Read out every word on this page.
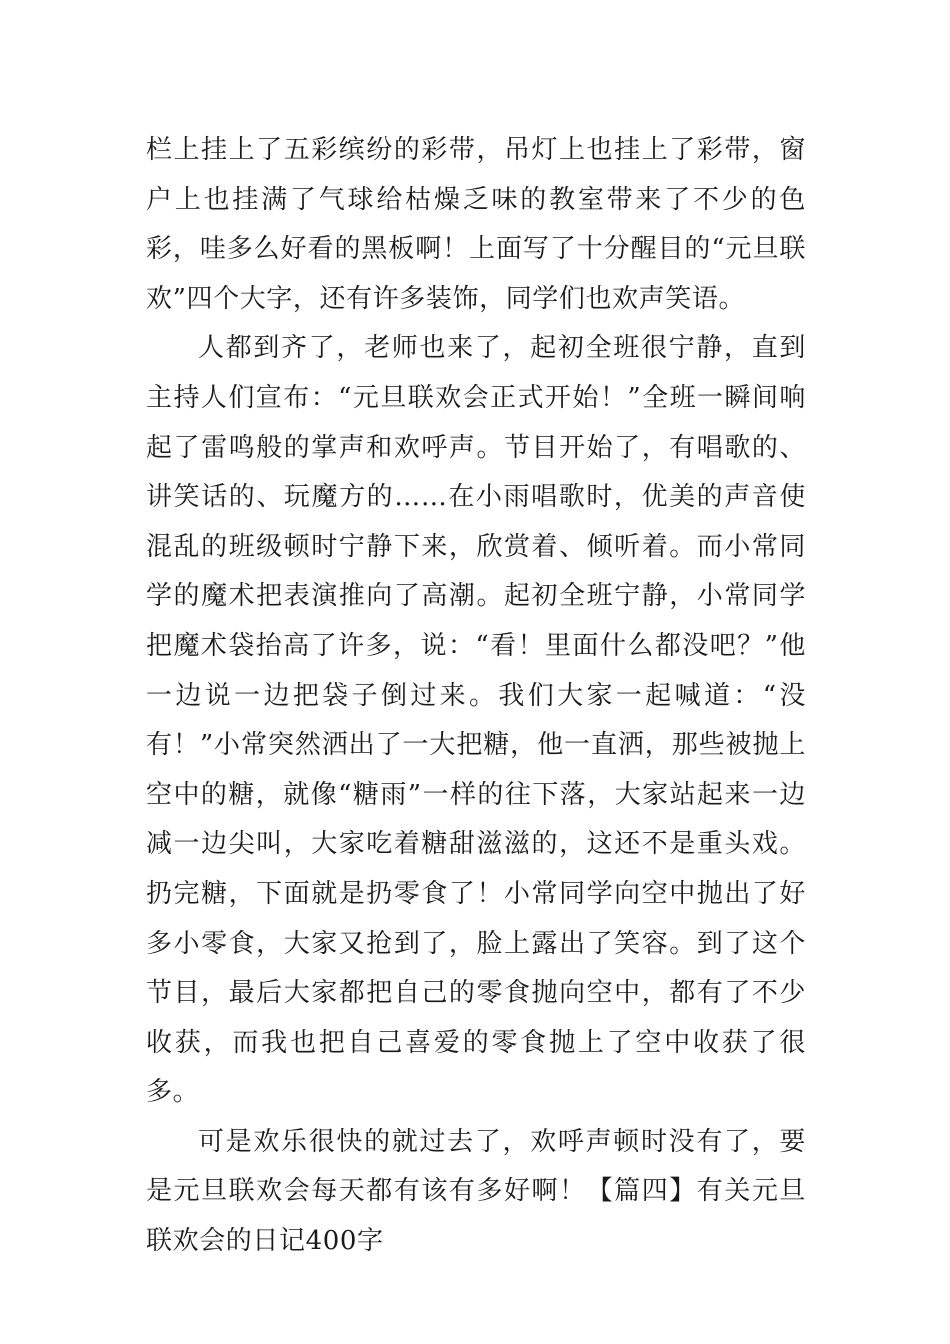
栏上挂上了五彩缤纷的彩带，吊灯上也挂上了彩带，窗户上也挂满了气球给枯燥乏味的教室带来了不少的色彩，哇多么好看的黑板啊！上面写了十分醒目的“元旦联欢”四个大字，还有许多装饰，同学们也欢声笑语。

人都到齐了，老师也来了，起初全班很宁静，直到主持人们宣布：“元旦联欢会正式开始！”全班一瞬间响起了雷鸣般的掌声和欢呼声。节目开始了，有唱歌的、讲笑话的、玩魔方的……在小雨唱歌时，优美的声音使混乱的班级顿时宁静下来，欣赏着、倾听着。而小常同学的魔术把表演推向了高潮。起初全班宁静，小常同学把魔术袋抬高了许多，说：“看！里面什么都没吧？”他一边说一边把袋子倒过来。我们大家一起喊道：“没有！”小常突然洒出了一大把糖，他一直洒，那些被抛上空中的糖，就像“糖雨”一样的往下落，大家站起来一边减一边尖叫，大家吃着糖甜滋滋的，这还不是重头戏。扔完糖，下面就是扔零食了！小常同学向空中抛出了好多小零食，大家又抢到了，脸上露出了笑容。到了这个节目，最后大家都把自己的零食抛向空中，都有了不少收获，而我也把自己喜爱的零食抛上了空中收获了很多。

可是欢乐很快的就过去了，欢呼声顿时没有了，要是元旦联欢会每天都有该有多好啊！【篇四】有关元旦联欢会的日记400字
